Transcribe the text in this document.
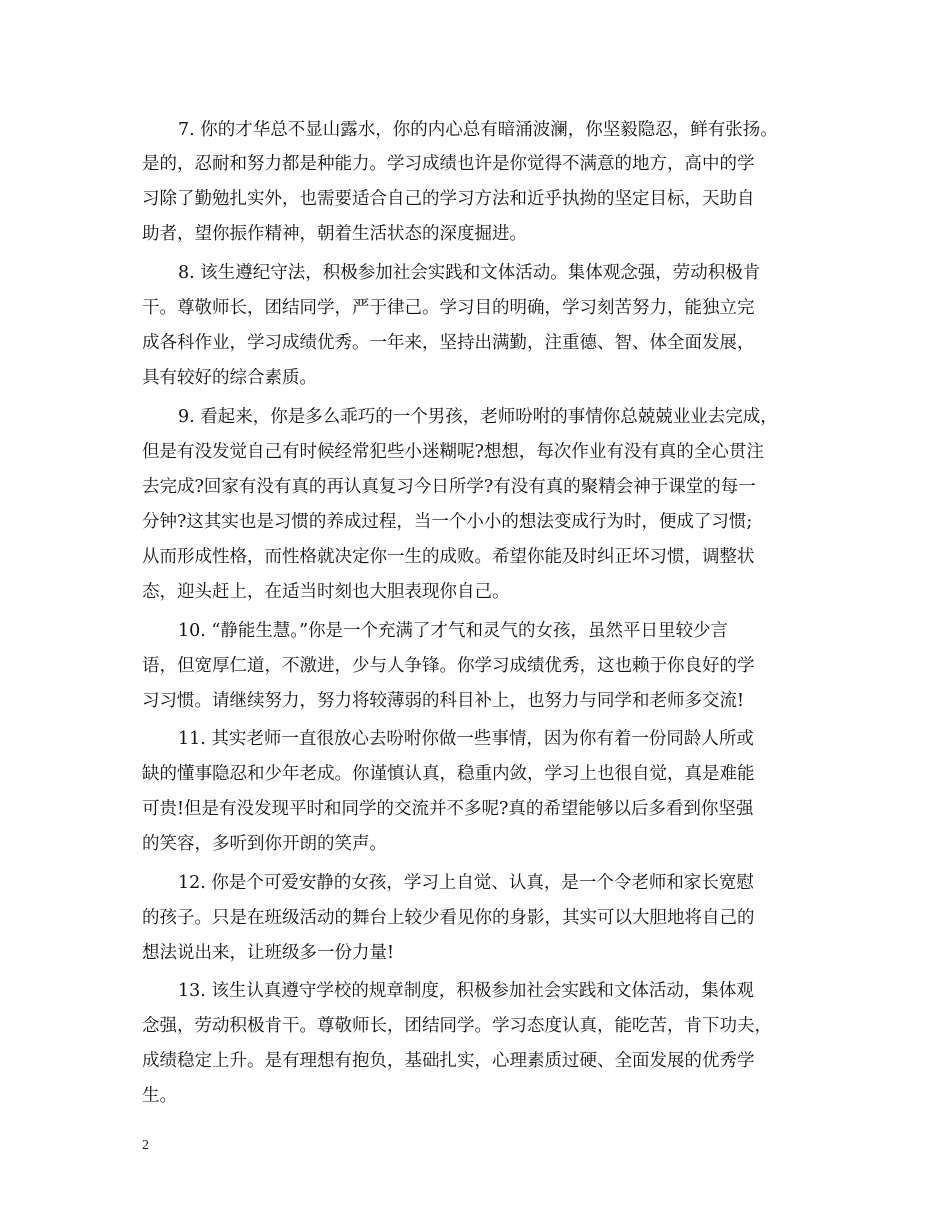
7. 你的才华总不显山露水，你的内心总有暗涌波澜，你坚毅隐忍，鲜有张扬。
是的，忍耐和努力都是种能力。学习成绩也许是你觉得不满意的地方，高中的学
习除了勤勉扎实外，也需要适合自己的学习方法和近乎执拗的坚定目标，天助自
助者，望你振作精神，朝着生活状态的深度掘进。
8. 该生遵纪守法，积极参加社会实践和文体活动。集体观念强，劳动积极肯
干。尊敬师长，团结同学，严于律己。学习目的明确，学习刻苦努力，能独立完
成各科作业，学习成绩优秀。一年来，坚持出满勤，注重德、智、体全面发展，
具有较好的综合素质。
9. 看起来，你是多么乖巧的一个男孩，老师吩咐的事情你总兢兢业业去完成，
但是有没发觉自己有时候经常犯些小迷糊呢?想想，每次作业有没有真的全心贯注
去完成?回家有没有真的再认真复习今日所学?有没有真的聚精会神于课堂的每一
分钟?这其实也是习惯的养成过程，当一个小小的想法变成行为时，便成了习惯;
从而形成性格，而性格就决定你一生的成败。希望你能及时纠正坏习惯，调整状
态，迎头赶上，在适当时刻也大胆表现你自己。
10. “静能生慧。”你是一个充满了才气和灵气的女孩，虽然平日里较少言
语，但宽厚仁道，不激进，少与人争锋。你学习成绩优秀，这也赖于你良好的学
习习惯。请继续努力，努力将较薄弱的科目补上，也努力与同学和老师多交流!
11. 其实老师一直很放心去吩咐你做一些事情，因为你有着一份同龄人所或
缺的懂事隐忍和少年老成。你谨慎认真，稳重内敛，学习上也很自觉，真是难能
可贵!但是有没发现平时和同学的交流并不多呢?真的希望能够以后多看到你坚强
的笑容，多听到你开朗的笑声。
12. 你是个可爱安静的女孩，学习上自觉、认真，是一个令老师和家长宽慰
的孩子。只是在班级活动的舞台上较少看见你的身影，其实可以大胆地将自己的
想法说出来，让班级多一份力量!
13. 该生认真遵守学校的规章制度，积极参加社会实践和文体活动，集体观
念强，劳动积极肯干。尊敬师长，团结同学。学习态度认真，能吃苦，肯下功夫，
成绩稳定上升。是有理想有抱负，基础扎实，心理素质过硬、全面发展的优秀学
生。
2
